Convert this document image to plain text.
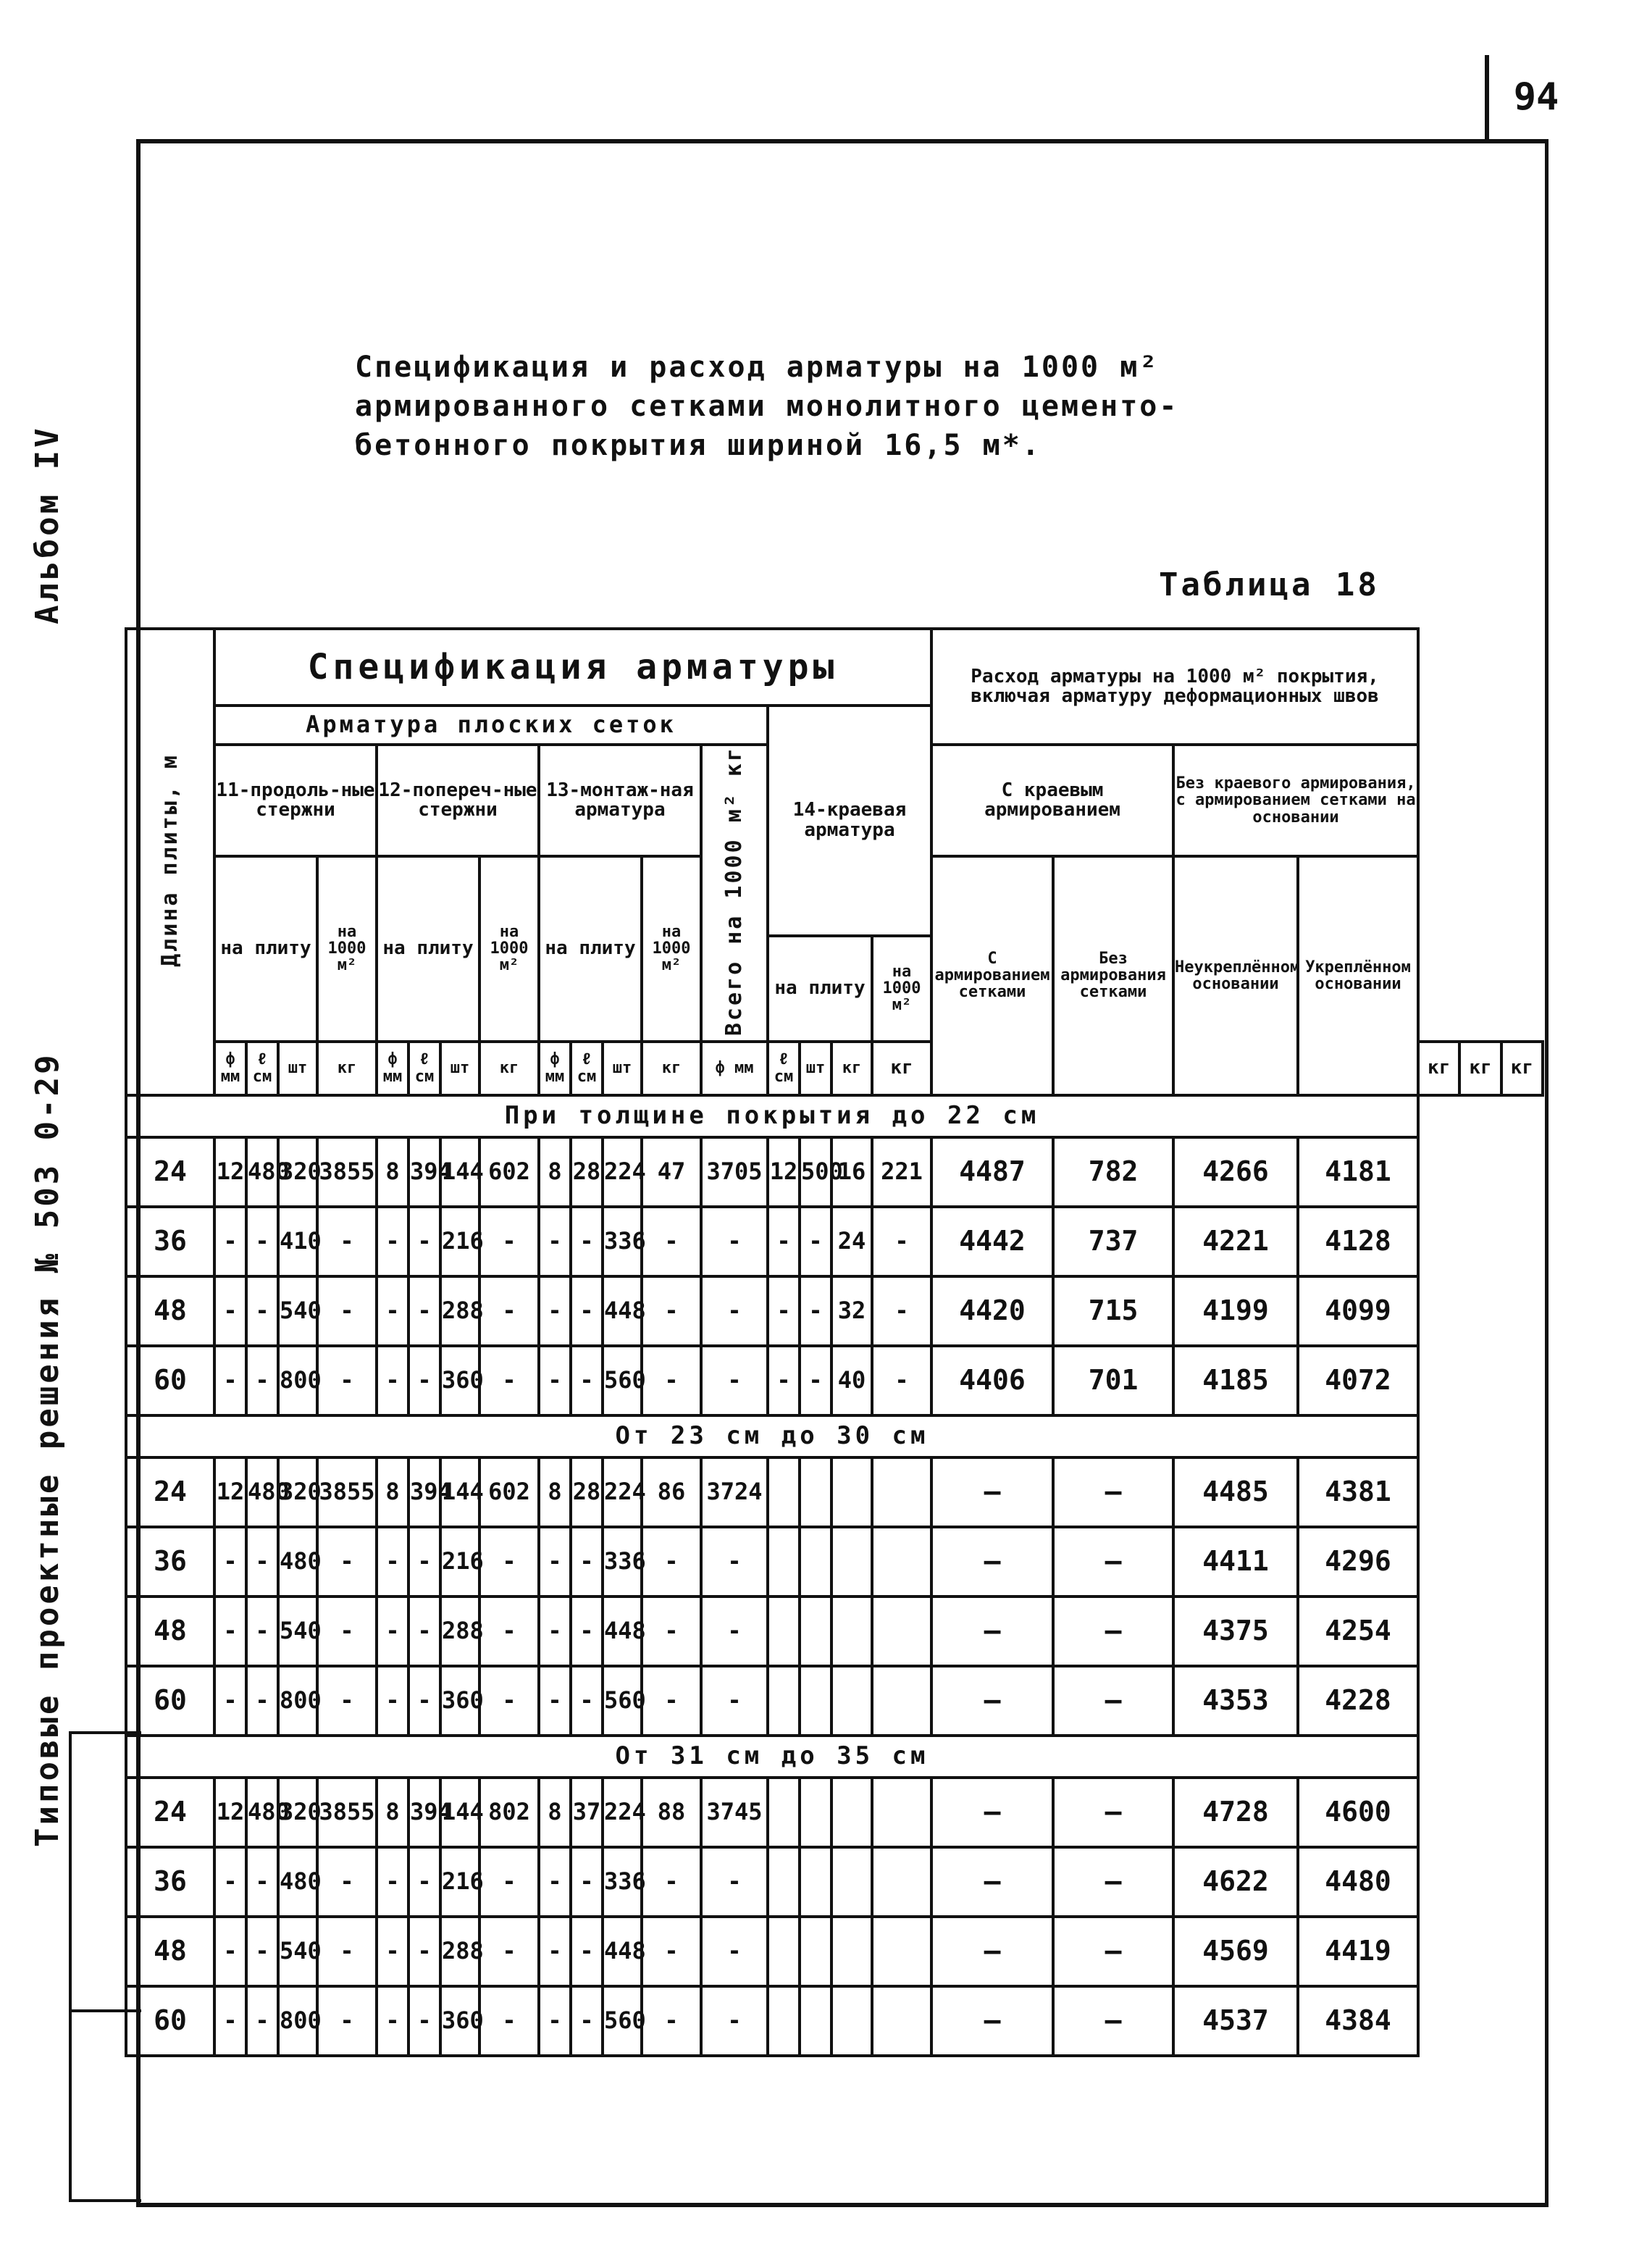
94
Типовые проектные решения № 503 0-29 Альбом IV
Спецификация и расход арматуры на 1000 м²
армированного сетками монолитного цементо-
бетонного покрытия шириной 16,5 м*.
Таблица 18
Длина плиты, м	Спецификация арматуры																	Расход арматуры на 1000 м² покрытия, включая арматуру деформационных швов						
	Арматура плоских сеток													14-краевая арматура										
	11-продоль-ные стержни				12-попереч-ные стержни				13-монтаж-ная арматура				Всего на 1000 м² кг					С краевым армированием		Без краевого армирования, с армированием сетками на основании				
	на плиту			на 1000 м²	на плиту			на 1000 м²	на плиту			на 1000 м²						С армированием сетками	Без армирования сетками	Неукреплённом основании	Укреплённом основании			
														на плиту			на 1000 м²							
	ф мм	ℓ см	шт	кг	ф мм	ℓ см	шт	кг	ф мм	ℓ см	шт	кг	ф мм	ℓ см	шт	кг	кг					кг	кг	кг
При толщине покрытия до 22 см																								
24	12	480	320	3855	8	394	144	602	8	28	224	47	3705	12	500	16	221	4487	782	4266	4181			
36	-	-	410	-	-	-	216	-	-	-	336	-	-	-	-	24	-	4442	737	4221	4128			
48	-	-	540	-	-	-	288	-	-	-	448	-	-	-	-	32	-	4420	715	4199	4099			
60	-	-	800	-	-	-	360	-	-	-	560	-	-	-	-	40	-	4406	701	4185	4072			
От 23 см до 30 см																								
24	12	480	320	3855	8	394	144	602	8	28	224	86	3724					—	—	4485	4381			
36	-	-	480	-	-	-	216	-	-	-	336	-	-					—	—	4411	4296			
48	-	-	540	-	-	-	288	-	-	-	448	-	-					—	—	4375	4254			
60	-	-	800	-	-	-	360	-	-	-	560	-	-					—	—	4353	4228			
От 31 см до 35 см																								
24	12	480	320	3855	8	394	144	802	8	37	224	88	3745					—	—	4728	4600			
36	-	-	480	-	-	-	216	-	-	-	336	-	-					—	—	4622	4480			
48	-	-	540	-	-	-	288	-	-	-	448	-	-					—	—	4569	4419			
60	-	-	800	-	-	-	360	-	-	-	560	-	-					—	—	4537	4384			
